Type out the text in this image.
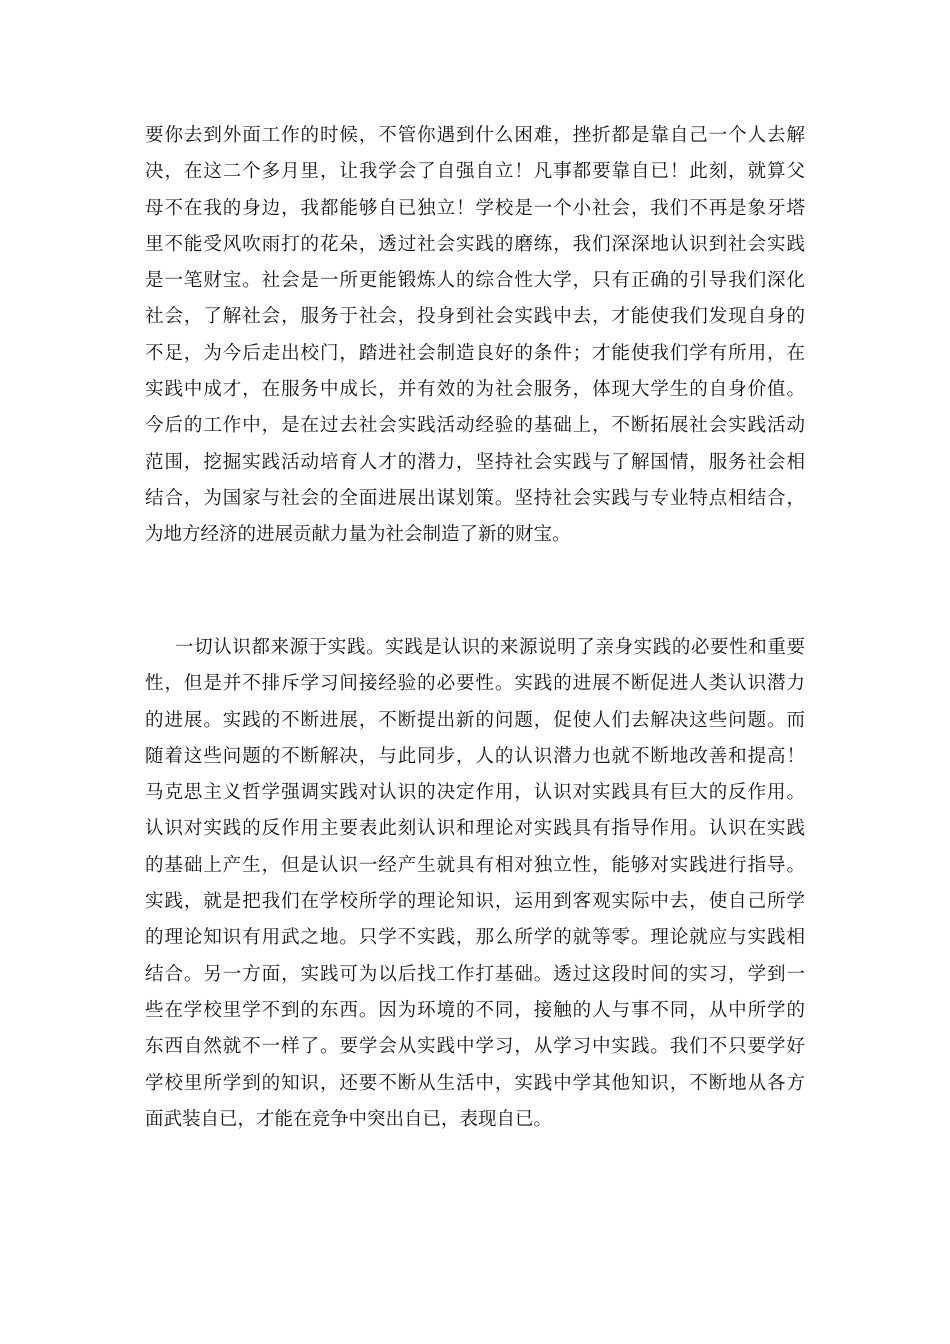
要你去到外面工作的时候，不管你遇到什么困难，挫折都是靠自己一个人去解
决，在这二个多月里，让我学会了自强自立！凡事都要靠自已！此刻，就算父
母不在我的身边，我都能够自已独立！学校是一个小社会，我们不再是象牙塔
里不能受风吹雨打的花朵，透过社会实践的磨练，我们深深地认识到社会实践
是一笔财宝。社会是一所更能锻炼人的综合性大学，只有正确的引导我们深化
社会，了解社会，服务于社会，投身到社会实践中去，才能使我们发现自身的
不足，为今后走出校门，踏进社会制造良好的条件；才能使我们学有所用，在
实践中成才，在服务中成长，并有效的为社会服务，体现大学生的自身价值。
今后的工作中，是在过去社会实践活动经验的基础上，不断拓展社会实践活动
范围，挖掘实践活动培育人才的潜力，坚持社会实践与了解国情，服务社会相
结合，为国家与社会的全面进展出谋划策。坚持社会实践与专业特点相结合，
为地方经济的进展贡献力量为社会制造了新的财宝。
一切认识都来源于实践。实践是认识的来源说明了亲身实践的必要性和重要
性，但是并不排斥学习间接经验的必要性。实践的进展不断促进人类认识潜力
的进展。实践的不断进展，不断提出新的问题，促使人们去解决这些问题。而
随着这些问题的不断解决，与此同步，人的认识潜力也就不断地改善和提高！
马克思主义哲学强调实践对认识的决定作用，认识对实践具有巨大的反作用。
认识对实践的反作用主要表此刻认识和理论对实践具有指导作用。认识在实践
的基础上产生，但是认识一经产生就具有相对独立性，能够对实践进行指导。
实践，就是把我们在学校所学的理论知识，运用到客观实际中去，使自己所学
的理论知识有用武之地。只学不实践，那么所学的就等零。理论就应与实践相
结合。另一方面，实践可为以后找工作打基础。透过这段时间的实习，学到一
些在学校里学不到的东西。因为环境的不同，接触的人与事不同，从中所学的
东西自然就不一样了。要学会从实践中学习，从学习中实践。我们不只要学好
学校里所学到的知识，还要不断从生活中，实践中学其他知识，不断地从各方
面武装自已，才能在竞争中突出自已，表现自已。
